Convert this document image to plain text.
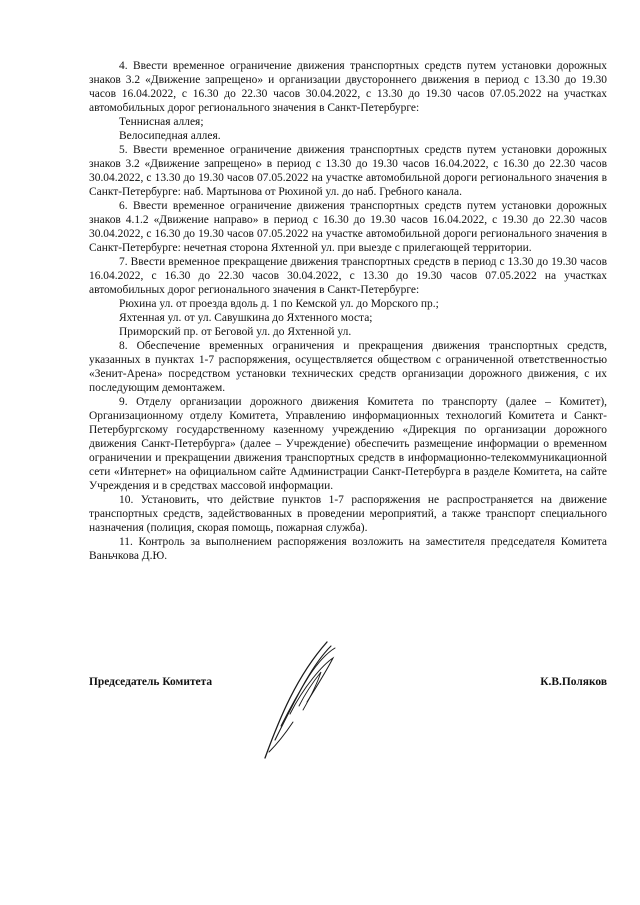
4. Ввести временное ограничение движения транспортных средств путем установки дорожных знаков 3.2 «Движение запрещено» и организации двустороннего движения в период с 13.30 до 19.30 часов 16.04.2022, с 16.30 до 22.30 часов 30.04.2022, с 13.30 до 19.30 часов 07.05.2022 на участках автомобильных дорог регионального значения в Санкт-Петербурге:

Теннисная аллея;

Велосипедная аллея.

5. Ввести временное ограничение движения транспортных средств путем установки дорожных знаков 3.2 «Движение запрещено» в период с 13.30 до 19.30 часов 16.04.2022, с 16.30 до 22.30 часов 30.04.2022, с 13.30 до 19.30 часов 07.05.2022 на участке автомобильной дороги регионального значения в Санкт-Петербурге: наб. Мартынова от Рюхиной ул. до наб. Гребного канала.

6. Ввести временное ограничение движения транспортных средств путем установки дорожных знаков 4.1.2 «Движение направо» в период с 16.30 до 19.30 часов 16.04.2022, с 19.30 до 22.30 часов 30.04.2022, с 16.30 до 19.30 часов 07.05.2022 на участке автомобильной дороги регионального значения в Санкт-Петербурге: нечетная сторона Яхтенной ул. при выезде с прилегающей территории.

7. Ввести временное прекращение движения транспортных средств в период с 13.30 до 19.30 часов 16.04.2022, с 16.30 до 22.30 часов 30.04.2022, с 13.30 до 19.30 часов 07.05.2022 на участках автомобильных дорог регионального значения в Санкт-Петербурге:

Рюхина ул. от проезда вдоль д. 1 по Кемской ул. до Морского пр.;

Яхтенная ул. от ул. Савушкина до Яхтенного моста;

Приморский пр. от Беговой ул. до Яхтенной ул.

8. Обеспечение временных ограничения и прекращения движения транспортных средств, указанных в пунктах 1-7 распоряжения, осуществляется обществом с ограниченной ответственностью «Зенит-Арена» посредством установки технических средств организации дорожного движения, с их последующим демонтажем.

9. Отделу организации дорожного движения Комитета по транспорту (далее – Комитет), Организационному отделу Комитета, Управлению информационных технологий Комитета и Санкт-Петербургскому государственному казенному учреждению «Дирекция по организации дорожного движения Санкт-Петербурга» (далее – Учреждение) обеспечить размещение информации о временном ограничении и прекращении движения транспортных средств в информационно-телекоммуникационной сети «Интернет» на официальном сайте Администрации Санкт-Петербурга в разделе Комитета, на сайте Учреждения и в средствах массовой информации.

10. Установить, что действие пунктов 1-7 распоряжения не распространяется на движение транспортных средств, задействованных в проведении мероприятий, а также транспорт специального назначения (полиция, скорая помощь, пожарная служба).

11. Контроль за выполнением распоряжения возложить на заместителя председателя Комитета Ваньчкова Д.Ю.

Председатель Комитета	К.В.Поляков
